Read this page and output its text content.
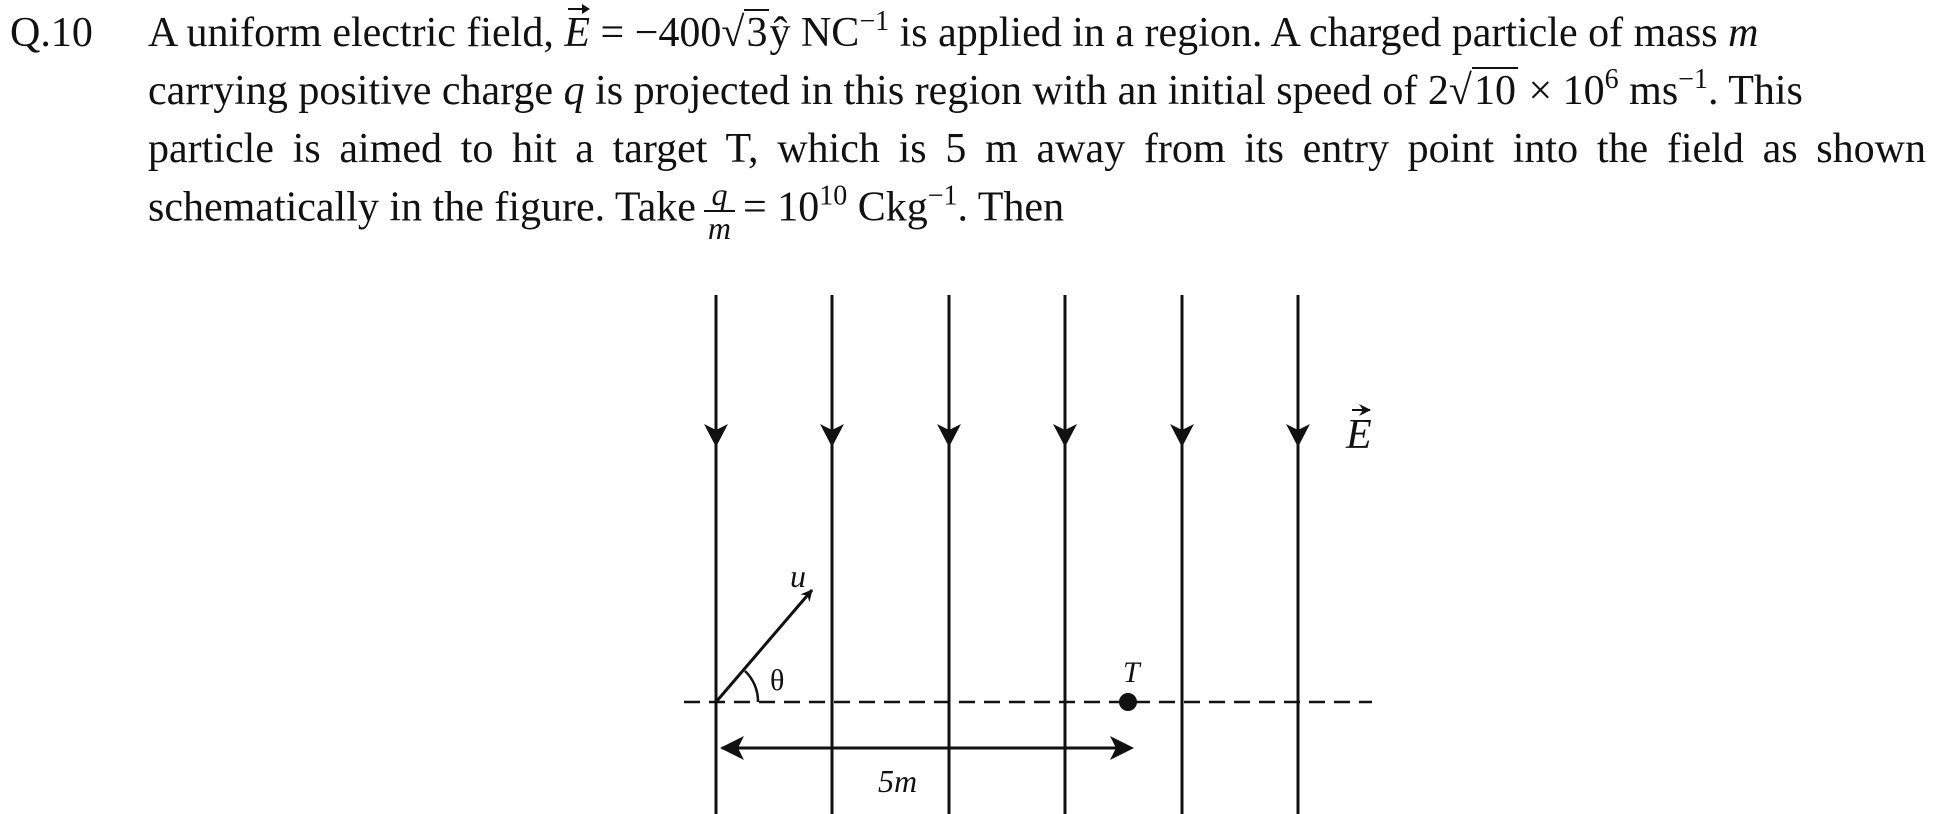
Q.10 A uniform electric field, E = −400√3ŷ $NC^{-1}$ is applied in a region. A charged particle of mass m
carrying positive charge q is projected in this region with an initial speed of $2√10 \times 10^6$ $ms^{-1}$. This
particle is aimed to hit a target T, which is 5 m away from its entry point into the field as shown
schematically in the figure. Take $\frac{q}{m} = 10^{10}$ Ckg$^{-1}$. Then
u
θ	T
5m
E
